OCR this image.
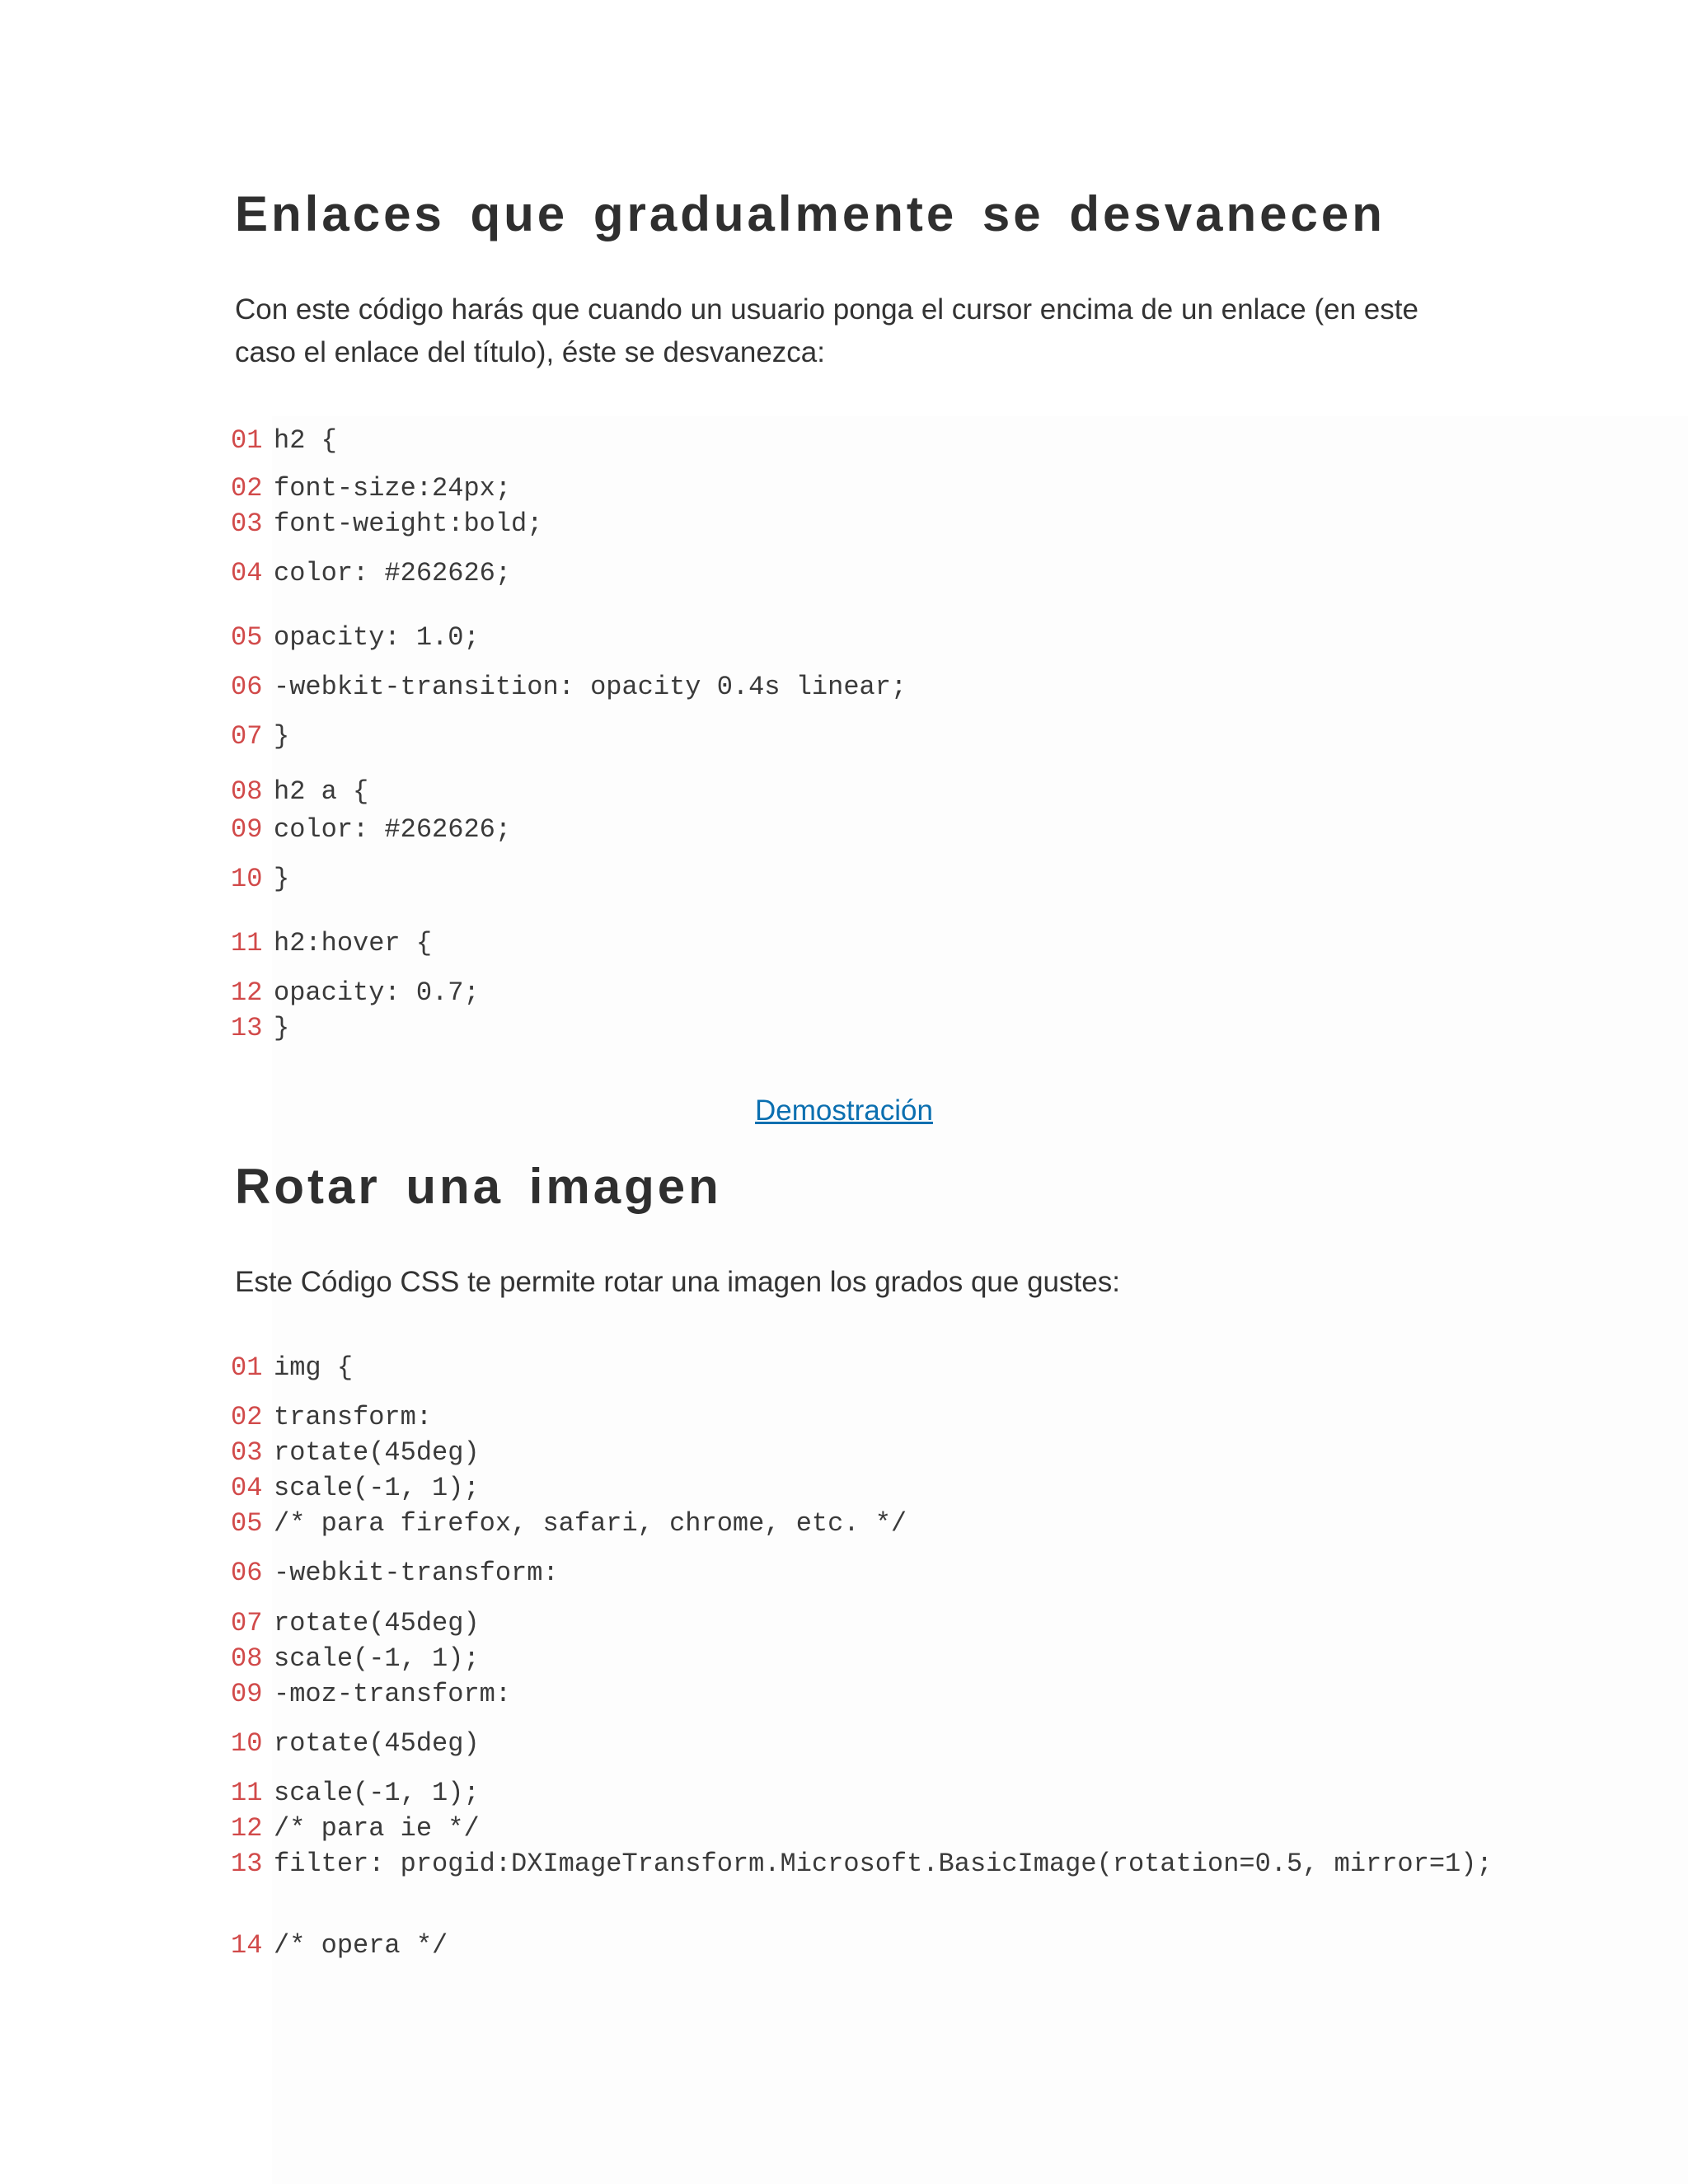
Enlaces que gradualmente se desvanecen

Con este código harás que cuando un usuario ponga el cursor encima de un enlace (en este caso el enlace del título), éste se desvanezca:

01 h2 {
02 font-size:24px;
03 font-weight:bold;
04 color: #262626;
05 opacity: 1.0;
06 -webkit-transition: opacity 0.4s linear;
07 }
08 h2 a {
09 color: #262626;
10 }
11 h2:hover {
12 opacity: 0.7;
13 }
Demostración
Rotar una imagen

Este Código CSS te permite rotar una imagen los grados que gustes:

01 img {
02 transform:
03 rotate(45deg)
04 scale(-1, 1);
05 /* para firefox, safari, chrome, etc. */
06 -webkit-transform:
07 rotate(45deg)
08 scale(-1, 1);
09 -moz-transform:
10 rotate(45deg)
11 scale(-1, 1);
12 /* para ie */
13 filter: progid:DXImageTransform.Microsoft.BasicImage(rotation=0.5, mirror=1);
14 /* opera */
